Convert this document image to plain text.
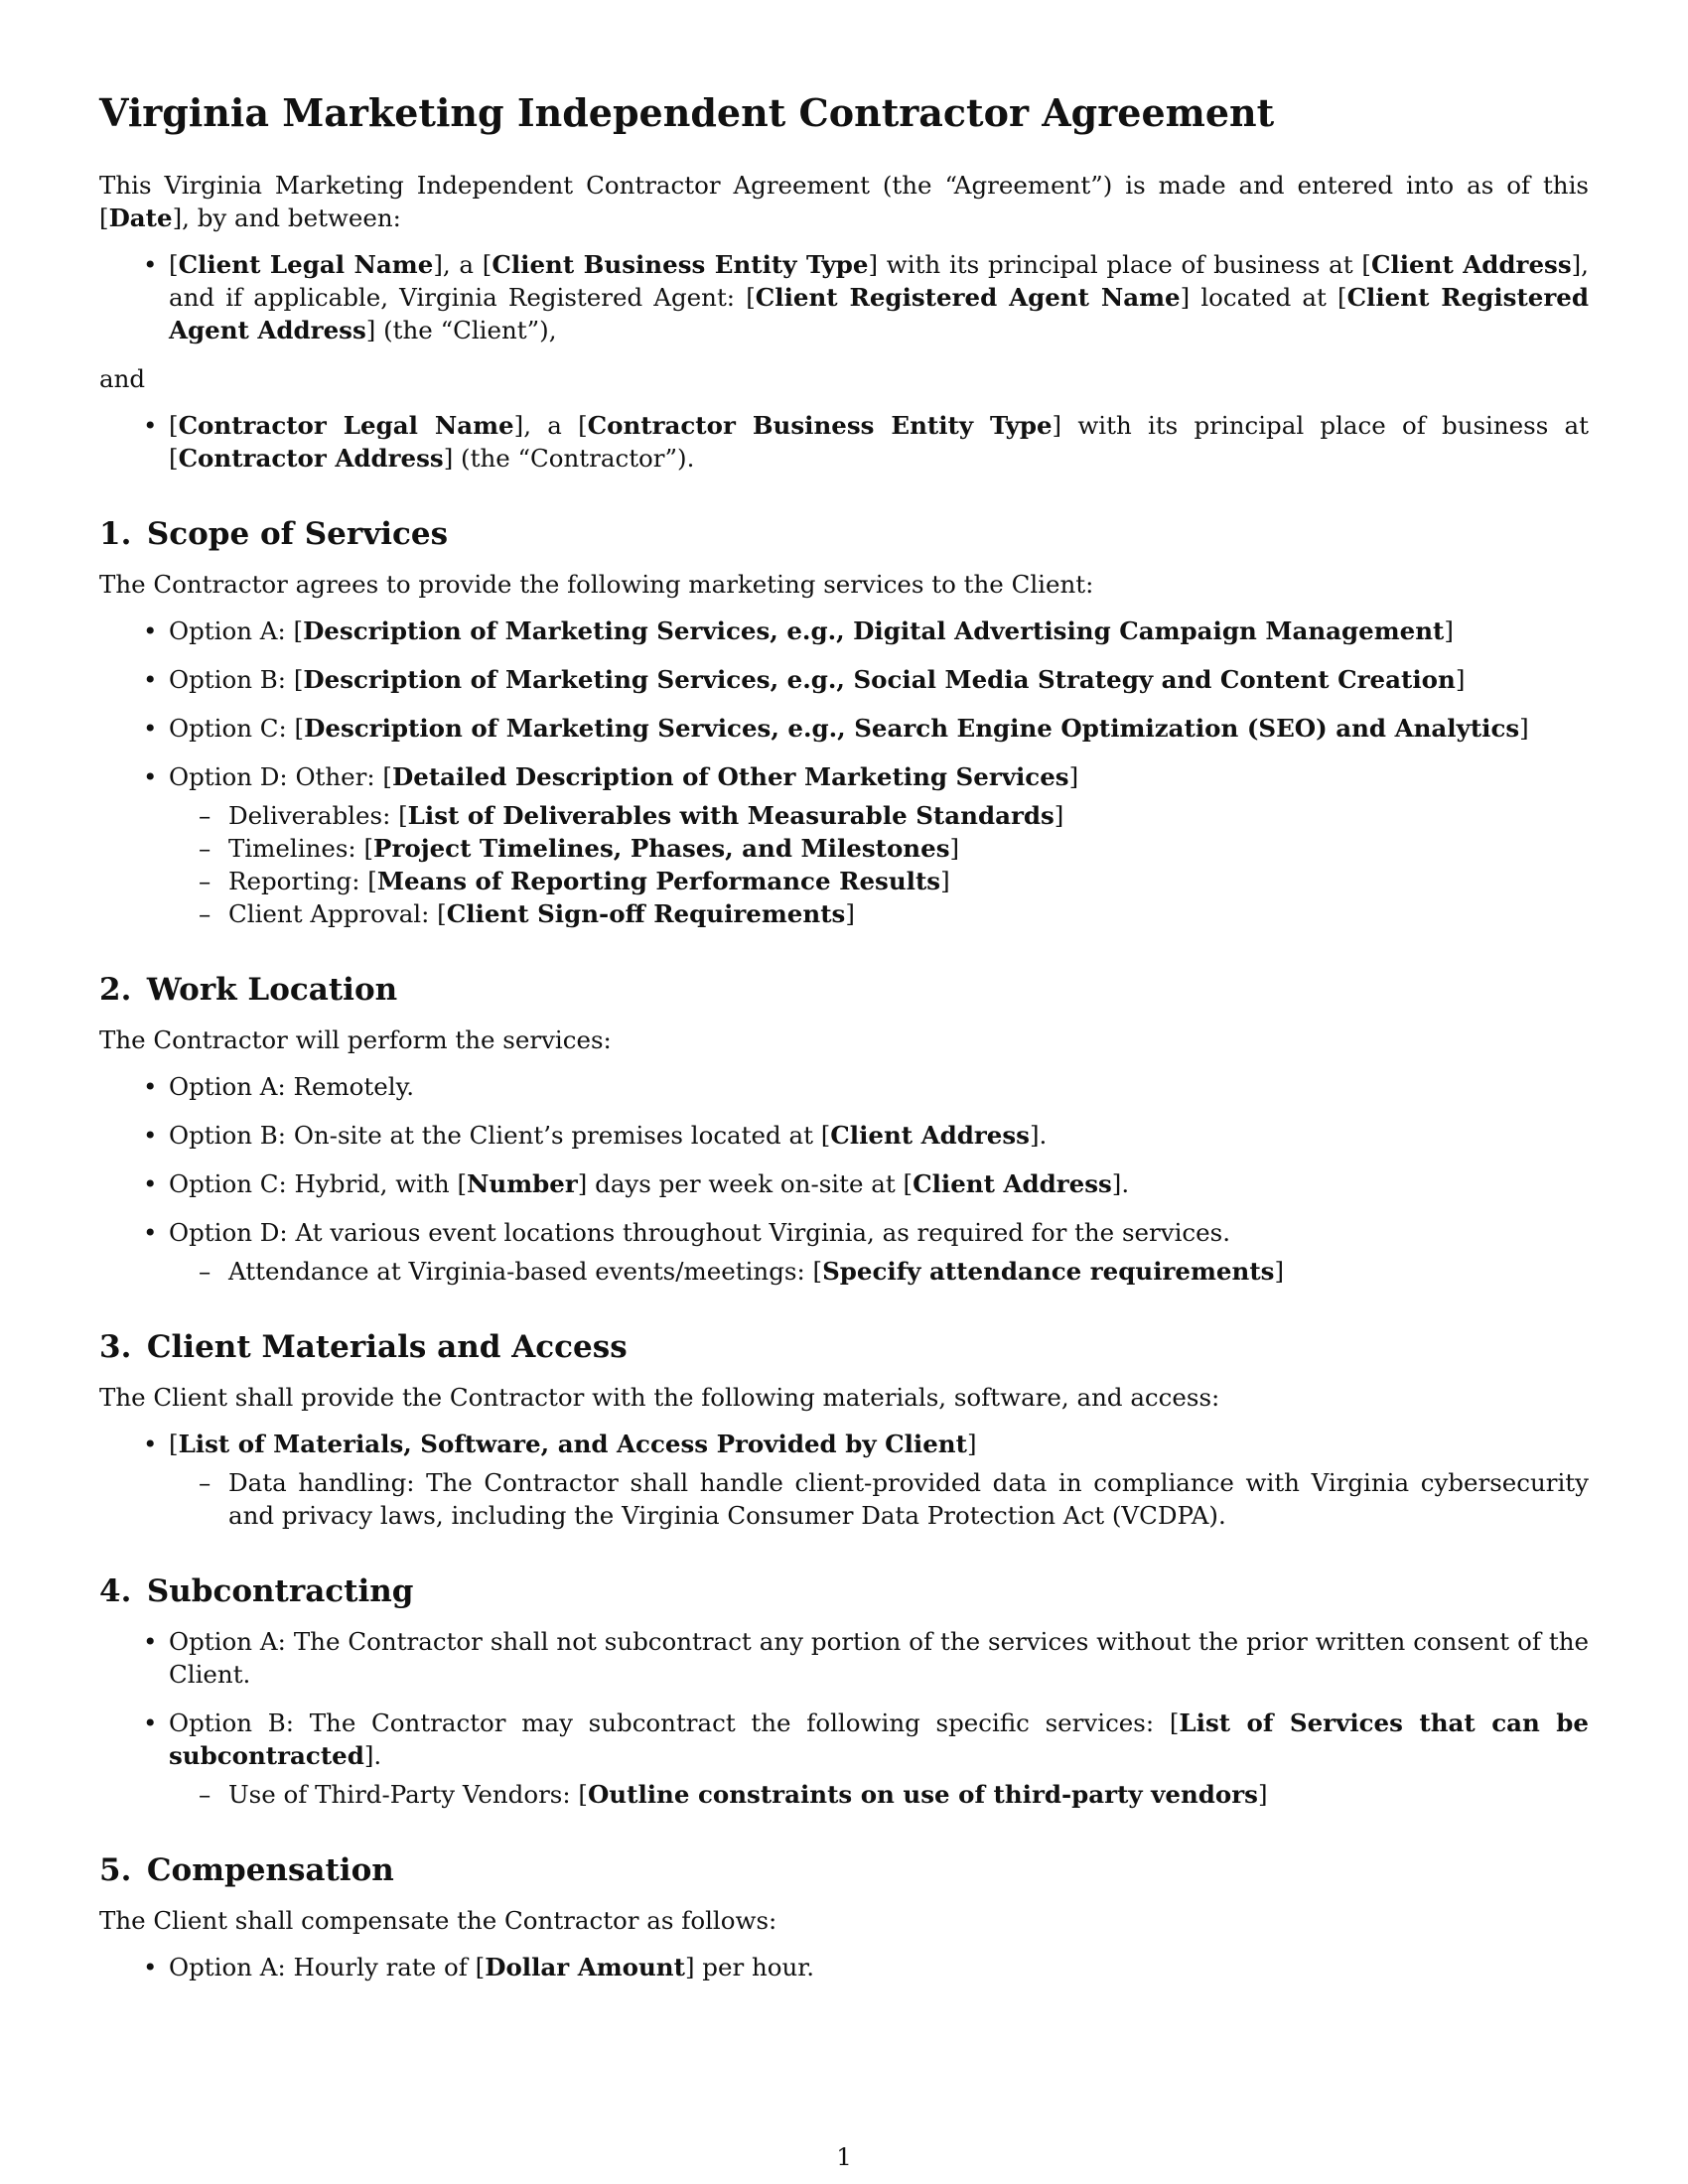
Virginia Marketing Independent Contractor Agreement

This Virginia Marketing Independent Contractor Agreement (the “Agreement”) is made and entered into as of this [Date], by and between:

• [Client Legal Name], a [Client Business Entity Type] with its principal place of business at [Client Address], and if applicable, Virginia Registered Agent: [Client Registered Agent Name] located at [Client Registered Agent Address] (the “Client”),

and

• [Contractor Legal Name], a [Contractor Business Entity Type] with its principal place of business at [Contractor Address] (the “Contractor”).
1. Scope of Services

The Contractor agrees to provide the following marketing services to the Client:

• Option A: [Description of Marketing Services, e.g., Digital Advertising Campaign Management]
• Option B: [Description of Marketing Services, e.g., Social Media Strategy and Content Creation]
• Option C: [Description of Marketing Services, e.g., Search Engine Optimization (SEO) and Analytics]
• Option D: Other: [Detailed Description of Other Marketing Services]
– Deliverables: [List of Deliverables with Measurable Standards]
– Timelines: [Project Timelines, Phases, and Milestones]
– Reporting: [Means of Reporting Performance Results]
– Client Approval: [Client Sign-off Requirements]
2. Work Location

The Contractor will perform the services:

• Option A: Remotely.
• Option B: On-site at the Client’s premises located at [Client Address].
• Option C: Hybrid, with [Number] days per week on-site at [Client Address].
• Option D: At various event locations throughout Virginia, as required for the services.
– Attendance at Virginia-based events/meetings: [Specify attendance requirements]
3. Client Materials and Access

The Client shall provide the Contractor with the following materials, software, and access:

• [List of Materials, Software, and Access Provided by Client]
– Data handling: The Contractor shall handle client-provided data in compliance with Virginia cybersecurity and privacy laws, including the Virginia Consumer Data Protection Act (VCDPA).
4. Subcontracting
• Option A: The Contractor shall not subcontract any portion of the services without the prior written consent of the Client.
• Option B: The Contractor may subcontract the following specific services: [List of Services that can be subcontracted].
– Use of Third-Party Vendors: [Outline constraints on use of third-party vendors]
5. Compensation

The Client shall compensate the Contractor as follows:

• Option A: Hourly rate of [Dollar Amount] per hour.
1
